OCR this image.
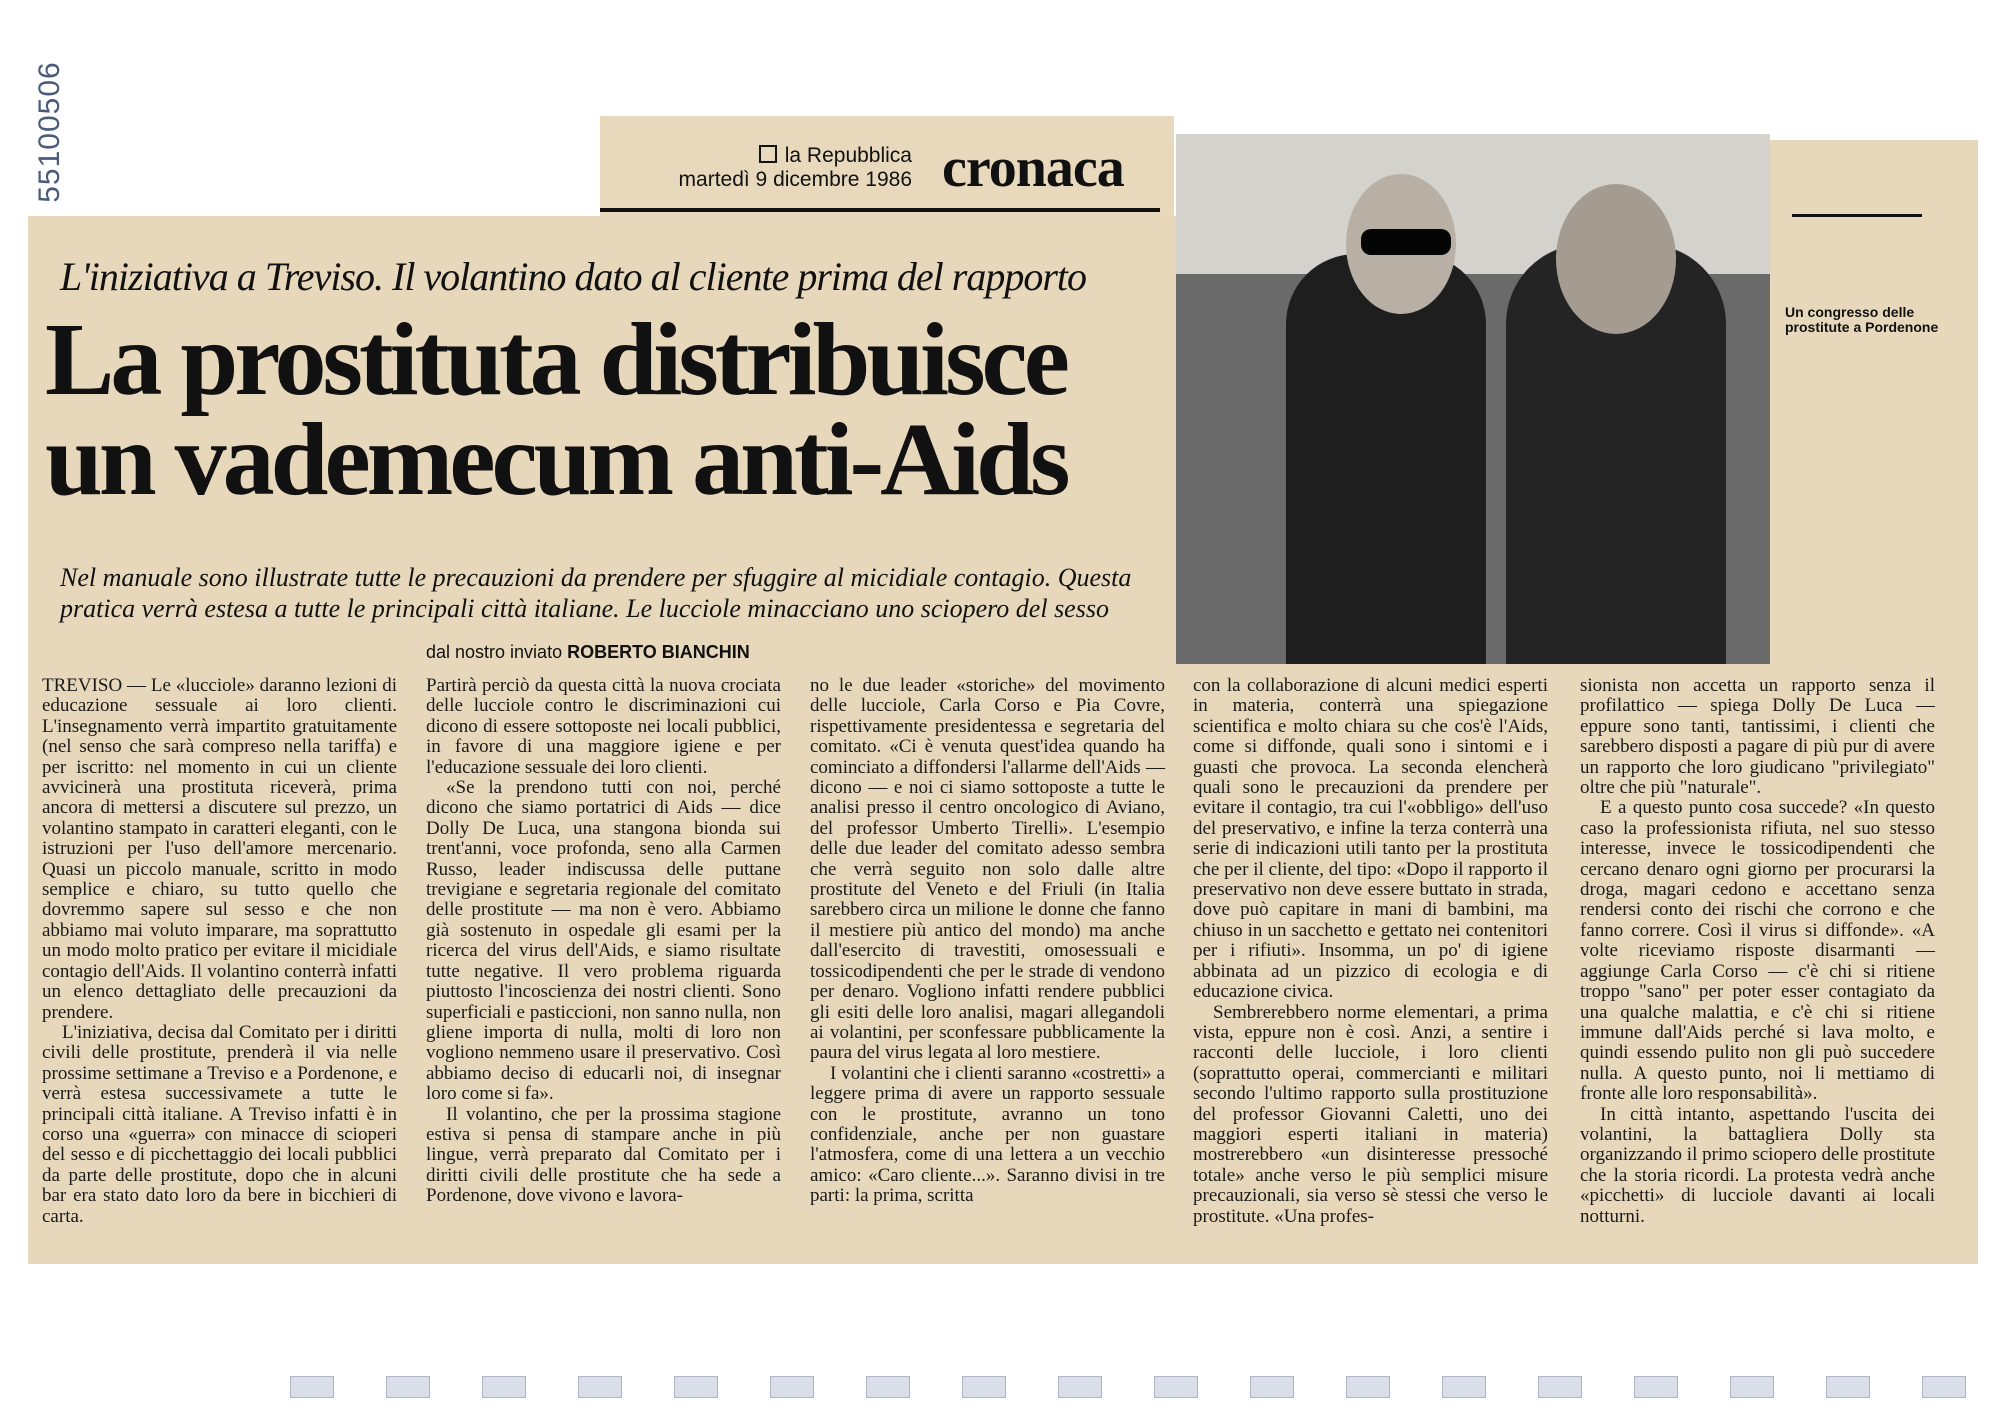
55100506	la Repubblica
martedì 9 dicembre 1986 cronaca
L'iniziativa a Treviso. Il volantino dato al cliente prima del rapporto
La prostituta distribuisce
un vademecum anti-Aids
Nel manuale sono illustrate tutte le precauzioni da prendere per sfuggire al micidiale contagio. Questa pratica verrà estesa a tutte le principali città italiane. Le lucciole minacciano uno sciopero del sesso
dal nostro inviato ROBERTO BIANCHIN
Un congresso delle prostitute a Pordenone

TREVISO — Le «lucciole» daranno lezioni di educazione sessuale ai loro clienti. L'insegnamento verrà impartito gratuitamente (nel senso che sarà compreso nella tariffa) e per iscritto: nel momento in cui un cliente avvicinerà una prostituta riceverà, prima ancora di mettersi a discutere sul prezzo, un volantino stampato in caratteri eleganti, con le istruzioni per l'uso dell'amore mercenario. Quasi un piccolo manuale, scritto in modo semplice e chiaro, su tutto quello che dovremmo sapere sul sesso e che non abbiamo mai voluto imparare, ma soprattutto un modo molto pratico per evitare il micidiale contagio dell'Aids. Il volantino conterrà infatti un elenco dettagliato delle precauzioni da prendere.

L'iniziativa, decisa dal Comitato per i diritti civili delle prostitute, prenderà il via nelle prossime settimane a Treviso e a Pordenone, e verrà estesa successivamete a tutte le principali città italiane. A Treviso infatti è in corso una «guerra» con minacce di scioperi del sesso e di picchettaggio dei locali pubblici da parte delle prostitute, dopo che in alcuni bar era stato dato loro da bere in bicchieri di carta.

Partirà perciò da questa città la nuova crociata delle lucciole contro le discriminazioni cui dicono di essere sottoposte nei locali pubblici, in favore di una maggiore igiene e per l'educazione sessuale dei loro clienti.

«Se la prendono tutti con noi, perché dicono che siamo portatrici di Aids — dice Dolly De Luca, una stangona bionda sui trent'anni, voce profonda, seno alla Carmen Russo, leader indiscussa delle puttane trevigiane e segretaria regionale del comitato delle prostitute — ma non è vero. Abbiamo già sostenuto in ospedale gli esami per la ricerca del virus dell'Aids, e siamo risultate tutte negative. Il vero problema riguarda piuttosto l'incoscienza dei nostri clienti. Sono superficiali e pasticcioni, non sanno nulla, non gliene importa di nulla, molti di loro non vogliono nemmeno usare il preservativo. Così abbiamo deciso di educarli noi, di insegnar loro come si fa».

Il volantino, che per la prossima stagione estiva si pensa di stampare anche in più lingue, verrà preparato dal Comitato per i diritti civili delle prostitute che ha sede a Pordenone, dove vivono e lavora-

no le due leader «storiche» del movimento delle lucciole, Carla Corso e Pia Covre, rispettivamente presidentessa e segretaria del comitato. «Ci è venuta quest'idea quando ha cominciato a diffondersi l'allarme dell'Aids — dicono — e noi ci siamo sottoposte a tutte le analisi presso il centro oncologico di Aviano, del professor Umberto Tirelli». L'esempio delle due leader del comitato adesso sembra che verrà seguito non solo dalle altre prostitute del Veneto e del Friuli (in Italia sarebbero circa un milione le donne che fanno il mestiere più antico del mondo) ma anche dall'esercito di travestiti, omosessuali e tossicodipendenti che per le strade di vendono per denaro. Vogliono infatti rendere pubblici gli esiti delle loro analisi, magari allegandoli ai volantini, per sconfessare pubblicamente la paura del virus legata al loro mestiere.

I volantini che i clienti saranno «costretti» a leggere prima di avere un rapporto sessuale con le prostitute, avranno un tono confidenziale, anche per non guastare l'atmosfera, come di una lettera a un vecchio amico: «Caro cliente...». Saranno divisi in tre parti: la prima, scritta

con la collaborazione di alcuni medici esperti in materia, conterrà una spiegazione scientifica e molto chiara su che cos'è l'Aids, come si diffonde, quali sono i sintomi e i guasti che provoca. La seconda elencherà quali sono le precauzioni da prendere per evitare il contagio, tra cui l'«obbligo» dell'uso del preservativo, e infine la terza conterrà una serie di indicazioni utili tanto per la prostituta che per il cliente, del tipo: «Dopo il rapporto il preservativo non deve essere buttato in strada, dove può capitare in mani di bambini, ma chiuso in un sacchetto e gettato nei contenitori per i rifiuti». Insomma, un po' di igiene abbinata ad un pizzico di ecologia e di educazione civica.

Sembrerebbero norme elementari, a prima vista, eppure non è così. Anzi, a sentire i racconti delle lucciole, i loro clienti (soprattutto operai, commercianti e militari secondo l'ultimo rapporto sulla prostituzione del professor Giovanni Caletti, uno dei maggiori esperti italiani in materia) mostrerebbero «un disinteresse pressoché totale» anche verso le più semplici misure precauzionali, sia verso sè stessi che verso le prostitute. «Una profes-

sionista non accetta un rapporto senza il profilattico — spiega Dolly De Luca — eppure sono tanti, tantissimi, i clienti che sarebbero disposti a pagare di più pur di avere un rapporto che loro giudicano "privilegiato" oltre che più "naturale".

E a questo punto cosa succede? «In questo caso la professionista rifiuta, nel suo stesso interesse, invece le tossicodipendenti che cercano denaro ogni giorno per procurarsi la droga, magari cedono e accettano senza rendersi conto dei rischi che corrono e che fanno correre. Così il virus si diffonde». «A volte riceviamo risposte disarmanti — aggiunge Carla Corso — c'è chi si ritiene troppo "sano" per poter esser contagiato da una qualche malattia, e c'è chi si ritiene immune dall'Aids perché si lava molto, e quindi essendo pulito non gli può succedere nulla. A questo punto, noi li mettiamo di fronte alle loro responsabilità».

In città intanto, aspettando l'uscita dei volantini, la battagliera Dolly sta organizzando il primo sciopero delle prostitute che la storia ricordi. La protesta vedrà anche «picchetti» di lucciole davanti ai locali notturni.
